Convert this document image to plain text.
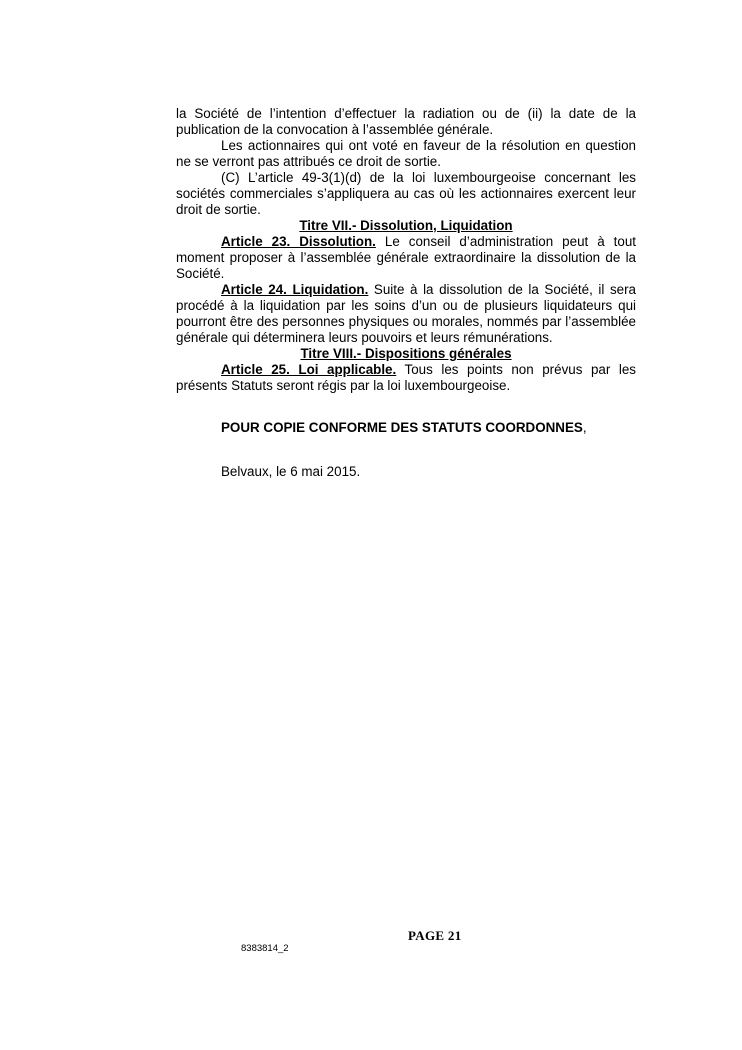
la Société de l’intention d’effectuer la radiation ou de (ii) la date de la publication de la convocation à l’assemblée générale.

Les actionnaires qui ont voté en faveur de la résolution en question ne se verront pas attribués ce droit de sortie.

(C) L’article 49-3(1)(d) de la loi luxembourgeoise concernant les sociétés commerciales s’appliquera au cas où les actionnaires exercent leur droit de sortie.

Titre VII.- Dissolution, Liquidation

Article 23. Dissolution. Le conseil d’administration peut à tout moment proposer à l’assemblée générale extraordinaire la dissolution de la Société.

Article 24. Liquidation. Suite à la dissolution de la Société, il sera procédé à la liquidation par les soins d’un ou de plusieurs liquidateurs qui pourront être des personnes physiques ou morales, nommés par l’assemblée générale qui déterminera leurs pouvoirs et leurs rémunérations.

Titre VIII.- Dispositions générales

Article 25. Loi applicable. Tous les points non prévus par les présents Statuts seront régis par la loi luxembourgeoise.

POUR COPIE CONFORME DES STATUTS COORDONNES,

Belvaux, le 6 mai 2015.

PAGE 21
8383814_2
